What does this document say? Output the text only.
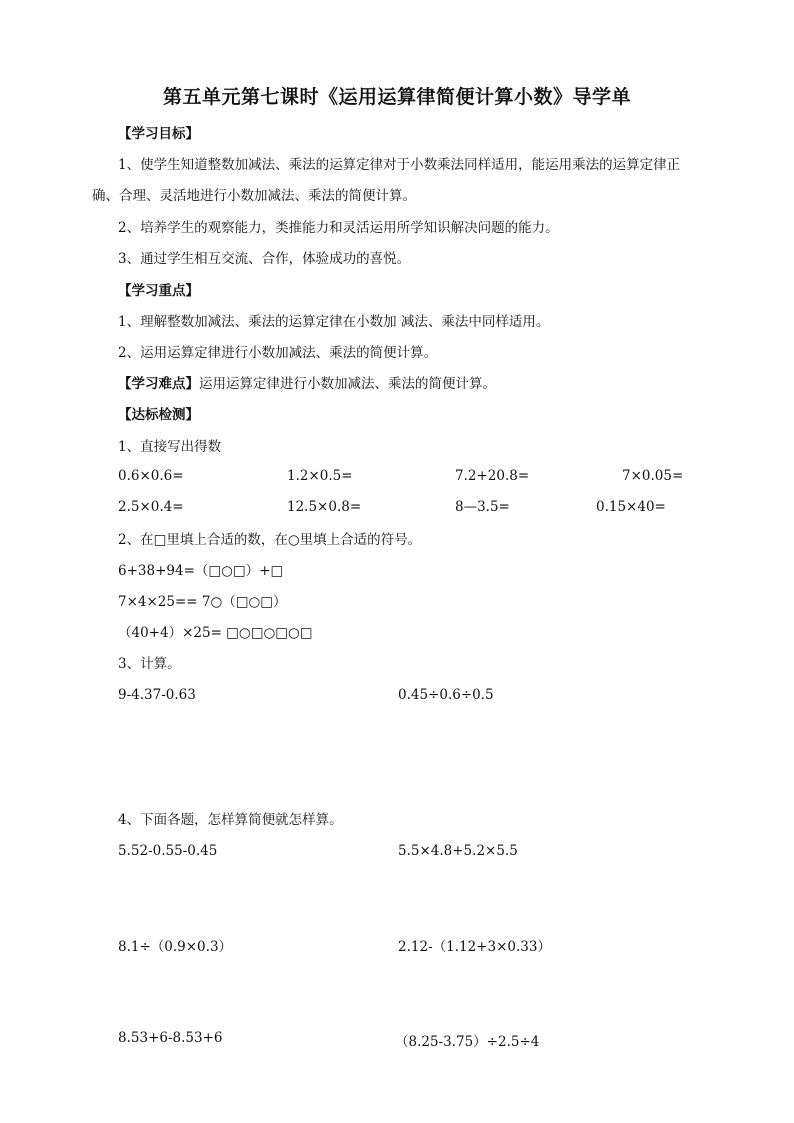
第五单元第七课时《运用运算律简便计算小数》导学单
【学习目标】
1、使学生知道整数加减法、乘法的运算定律对于小数乘法同样适用，能运用乘法的运算定律正确、合理、灵活地进行小数加减法、乘法的简便计算。
2、培养学生的观察能力，类推能力和灵活运用所学知识解决问题的能力。
3、通过学生相互交流、合作，体验成功的喜悦。
【学习重点】
1、理解整数加减法、乘法的运算定律在小数加 减法、乘法中同样适用。
2、运用运算定律进行小数加减法、乘法的简便计算。
【学习难点】运用运算定律进行小数加减法、乘法的简便计算。
【达标检测】
1、直接写出得数
0.6×0.6=	1.2×0.5=	7.2+20.8=	7×0.05=
2.5×0.4=	12.5×0.8=	8—3.5=	0.15×40=
2、在□里填上合适的数，在○里填上合适的符号。
6+38+94=（□○□）+□
7×4×25== 7○（□○□）
（40+4）×25= □○□○□○□
3、计算。
9-4.37-0.63	0.45÷0.6÷0.5
4、下面各题，怎样算简便就怎样算。
5.52-0.55-0.45	5.5×4.8+5.2×5.5
8.1÷（0.9×0.3）	2.12-（1.12+3×0.33）
8.53+6-8.53+6	（8.25-3.75）÷2.5÷4
